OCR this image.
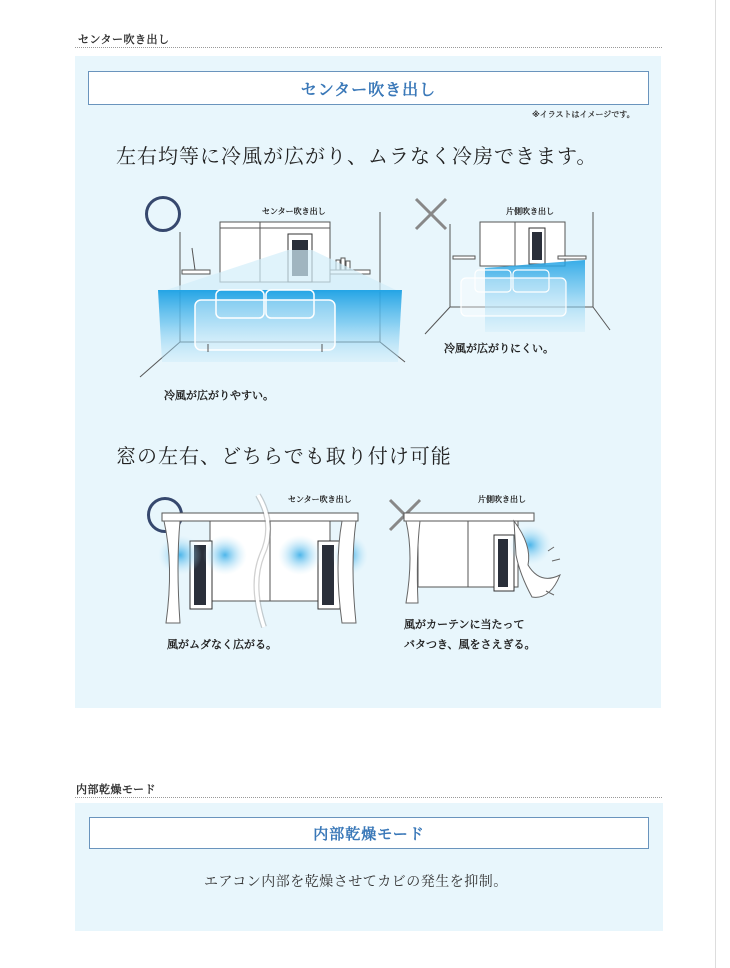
センター吹き出し
センター吹き出し
※イラストはイメージです。
左右均等に冷風が広がり、ムラなく冷房できます。
センター吹き出し	片側吹き出し
冷風が広がりやすい。
冷風が広がりにくい。
窓の左右、どちらでも取り付け可能
センター吹き出し	片側吹き出し
風がムダなく広がる。
風がカーテンに当たって
バタつき、風をさえぎる。
内部乾燥モード
内部乾燥モード
エアコン内部を乾燥させてカビの発生を抑制。
